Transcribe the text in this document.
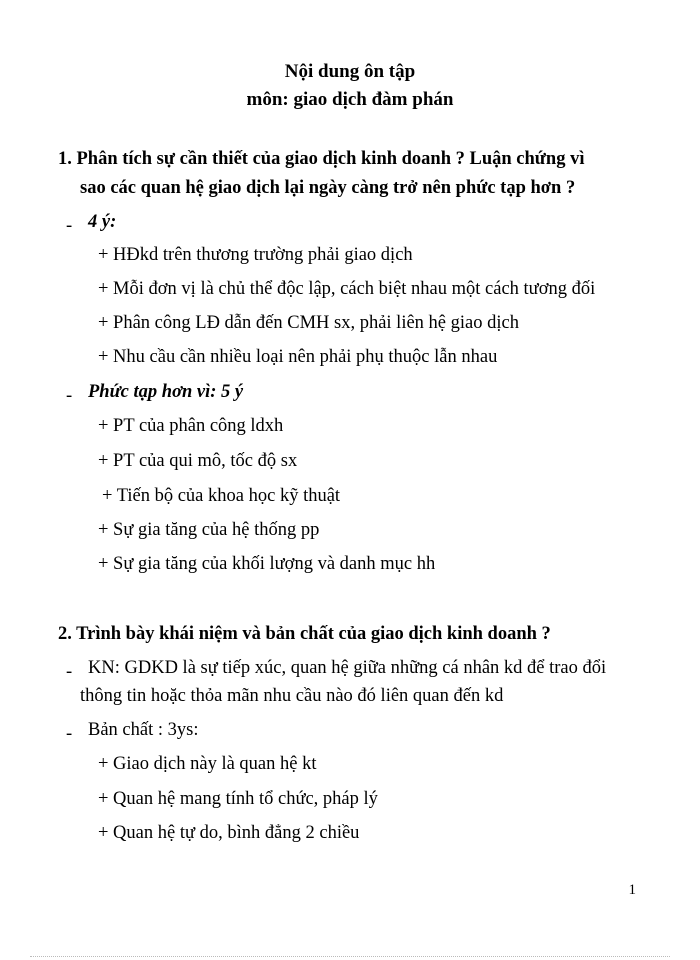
Nội dung ôn tập
môn: giao dịch đàm phán
1. Phân tích sự cần thiết của giao dịch kinh doanh ? Luận chứng vì
sao các quan hệ giao dịch lại ngày càng trở nên phức tạp hơn ?
- 4 ý:
+ HĐkd trên thương trường phải giao dịch
+ Mỗi đơn vị là chủ thể độc lập, cách biệt nhau một cách tương đối
+ Phân công LĐ dẫn đến CMH sx, phải liên hệ giao dịch
+ Nhu cầu cần nhiều loại nên phải phụ thuộc lẫn nhau
- Phức tạp hơn vì: 5 ý
+ PT của phân công ldxh
+ PT của qui mô, tốc độ sx
+ Tiến bộ của khoa học kỹ thuật
+ Sự gia tăng của hệ thống pp
+ Sự gia tăng của khối lượng và danh mục hh
2. Trình bày khái niệm và bản chất của giao dịch kinh doanh ?
- KN: GDKD là sự tiếp xúc, quan hệ giữa những cá nhân kd để trao đổi
thông tin hoặc thỏa mãn nhu cầu nào đó liên quan đến kd
- Bản chất : 3ys:
+ Giao dịch này là quan hệ kt
+ Quan hệ mang tính tổ chức, pháp lý
+ Quan hệ tự do, bình đẳng 2 chiều
1
